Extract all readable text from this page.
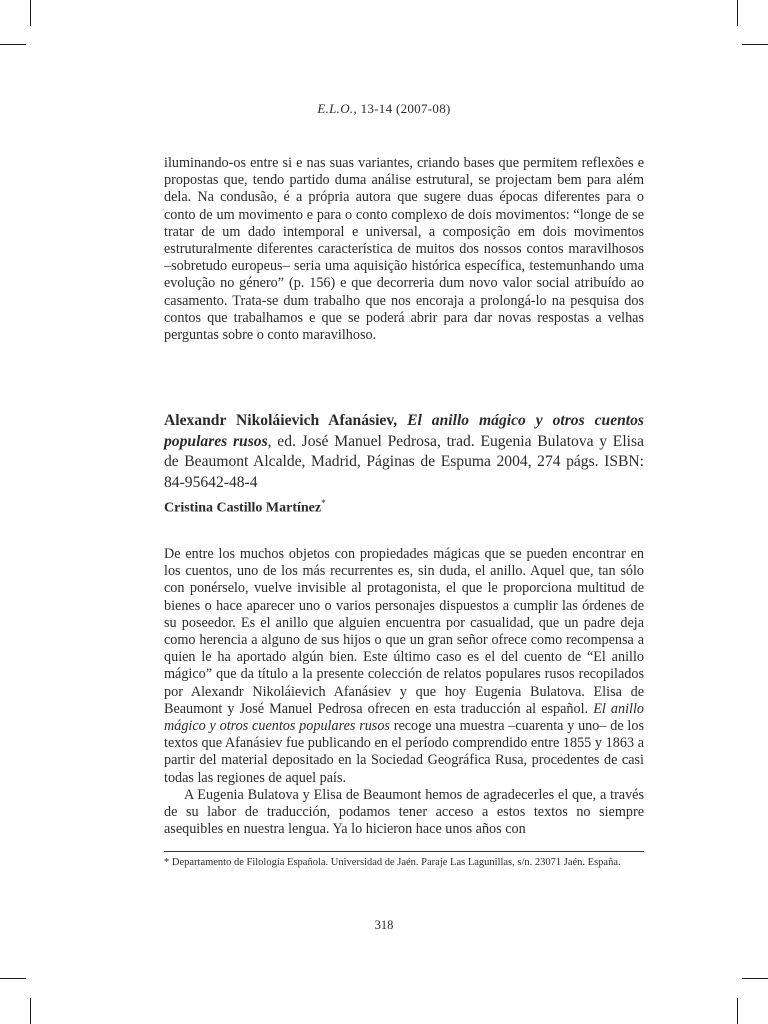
E.L.O., 13-14 (2007-08)

iluminando-os entre si e nas suas variantes, criando bases que permitem reflexões e propostas que, tendo partido duma análise estrutural, se projectam bem para além dela. Na condusão, é a própria autora que sugere duas épocas diferentes para o conto de um movimento e para o conto complexo de dois movimentos: “longe de se tratar de um dado intemporal e universal, a composição em dois movimentos estruturalmente diferentes característica de muitos dos nossos contos maravilhosos –sobretudo europeus– seria uma aquisição histórica específica, testemunhando uma evolução no género” (p. 156) e que decorreria dum novo valor social atribuído ao casamento. Trata-se dum trabalho que nos encoraja a prolongá-lo na pesquisa dos contos que trabalhamos e que se poderá abrir para dar novas respostas a velhas perguntas sobre o conto maravilhoso.

Alexandr Nikoláievich Afanásiev, El anillo mágico y otros cuentos populares rusos, ed. José Manuel Pedrosa, trad. Eugenia Bulatova y Elisa de Beaumont Alcalde, Madrid, Páginas de Espuma 2004, 274 págs. ISBN: 84-95642-48-4

Cristina Castillo Martínez*

De entre los muchos objetos con propiedades mágicas que se pueden encontrar en los cuentos, uno de los más recurrentes es, sin duda, el anillo. Aquel que, tan sólo con ponérselo, vuelve invisible al protagonista, el que le proporciona multitud de bienes o hace aparecer uno o varios personajes dispuestos a cumplir las órdenes de su poseedor. Es el anillo que alguien encuentra por casualidad, que un padre deja como herencia a alguno de sus hijos o que un gran señor ofrece como recompensa a quien le ha aportado algún bien. Este último caso es el del cuento de “El anillo mágico” que da título a la presente colección de relatos populares rusos recopilados por Alexandr Nikoláievich Afanásiev y que hoy Eugenia Bulatova. Elisa de Beaumont y José Manuel Pedrosa ofrecen en esta traducción al español. El anillo mágico y otros cuentos populares rusos recoge una muestra –cuarenta y uno– de los textos que Afanásiev fue publicando en el período comprendido entre 1855 y 1863 a partir del material depositado en la Sociedad Geográfica Rusa, procedentes de casi todas las regiones de aquel país.

A Eugenia Bulatova y Elisa de Beaumont hemos de agradecerles el que, a través de su labor de traducción, podamos tener acceso a estos textos no siempre asequibles en nuestra lengua. Ya lo hicieron hace unos años con

* Departamento de Filología Española. Universidad de Jaén. Paraje Las Lagunillas, s/n. 23071 Jaén. España.
318
